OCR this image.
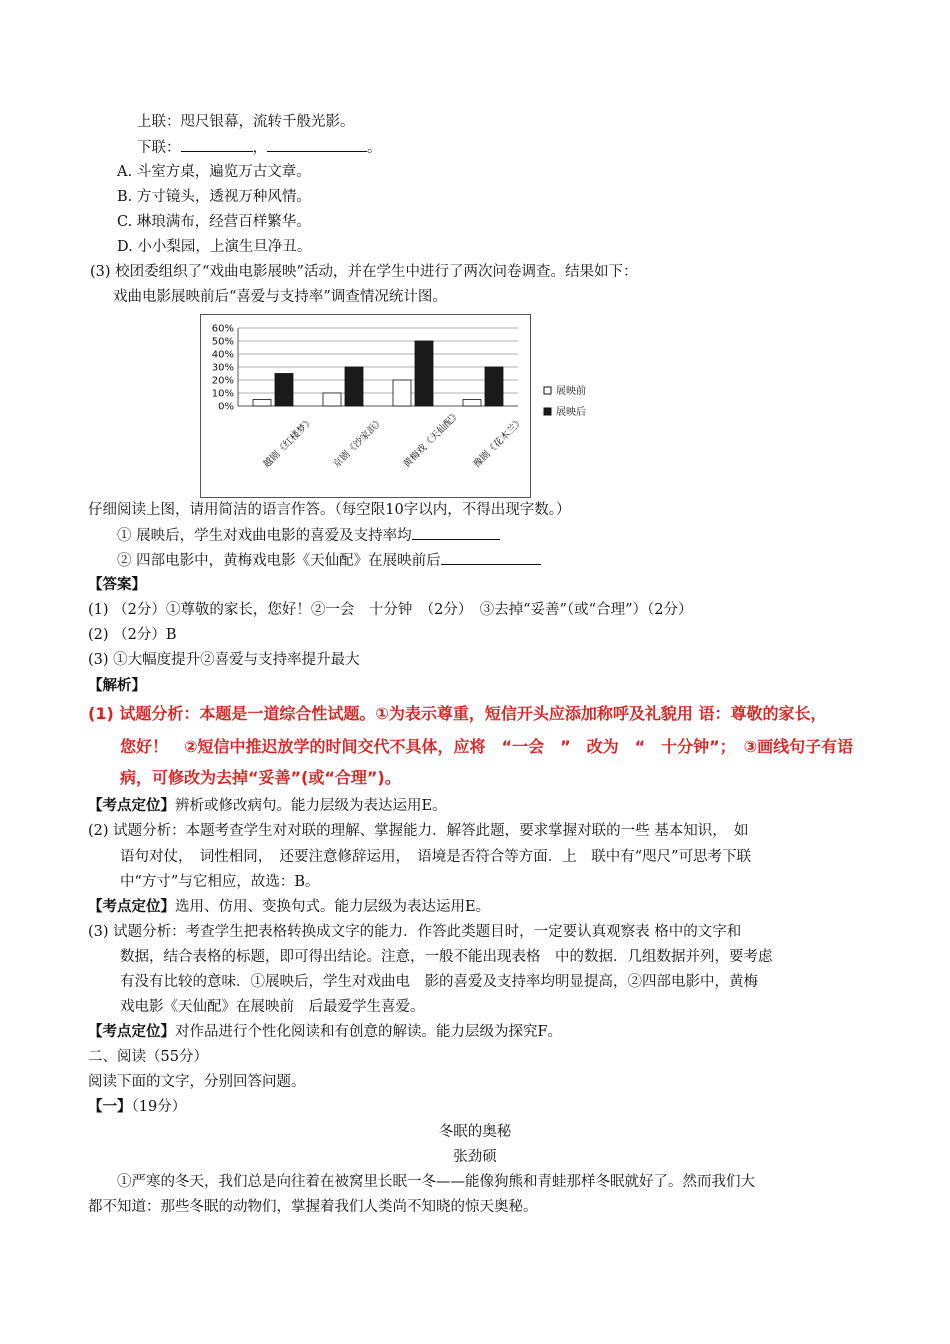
上联：咫尺银幕，流转千般光影。
下联：	，	。
A. 斗室方桌，遍览万古文章。
B. 方寸镜头，透视万种风情。
C. 琳琅满布，经营百样繁华。
D. 小小梨园，上演生旦净丑。
(3) 校团委组织了“戏曲电影展映”活动，并在学生中进行了两次问卷调查。结果如下：
戏曲电影展映前后“喜爱与支持率”调查情况统计图。
60%
50%
40%
30%
20%
10%
0%
越剧《红楼梦》 京剧《沙家浜》 黄梅戏《天仙配》 豫剧《花木兰》
展映前
展映后
仔细阅读上图，请用简洁的语言作答。（每空限10字以内，不得出现字数。）
① 展映后，学生对戏曲电影的喜爱及支持率均
② 四部电影中，黄梅戏电影《天仙配》在展映前后
【答案】
(1) （2分）①尊敬的家长，您好！②一会　十分钟　（2分）　③去掉“妥善”（或“合理”）（2分）
(2) （2分）B
(3) ①大幅度提升②喜爱与支持率提升最大
【解析】
(1) 试题分析：本题是一道综合性试题。①为表示尊重，短信开头应添加称呼及礼貌用 语：尊敬的家长，
您好！　②短信中推迟放学的时间交代不具体，应将　“一会　”　改为　“　十分钟”；　③画线句子有语
病，可修改为去掉“妥善”(或“合理”)。
【考点定位】辨析或修改病句。能力层级为表达运用E。
(2) 试题分析：本题考查学生对对联的理解、掌握能力．解答此题，要求掌握对联的一些 基本知识，　如
语句对仗，　词性相同，　还要注意修辞运用，　语境是否符合等方面．上　联中有“咫尺”可思考下联
中“方寸”与它相应，故选：B。
【考点定位】选用、仿用、变换句式。能力层级为表达运用E。
(3) 试题分析：考查学生把表格转换成文字的能力．作答此类题目时，一定要认真观察表 格中的文字和
数据，结合表格的标题，即可得出结论。注意，一般不能出现表格　中的数据．几组数据并列，要考虑
有没有比较的意味．①展映后，学生对戏曲电　影的喜爱及支持率均明显提高，②四部电影中，黄梅
戏电影《天仙配》在展映前　后最爱学生喜爱。
【考点定位】对作品进行个性化阅读和有创意的解读。能力层级为探究F。
二、阅读（55分）
阅读下面的文字，分别回答问题。
【一】（19分）
冬眠的奥秘
张劲硕
①严寒的冬天，我们总是向往着在被窝里长眠一冬——能像狗熊和青蛙那样冬眠就好了。然而我们大
都不知道：那些冬眠的动物们，掌握着我们人类尚不知晓的惊天奥秘。
